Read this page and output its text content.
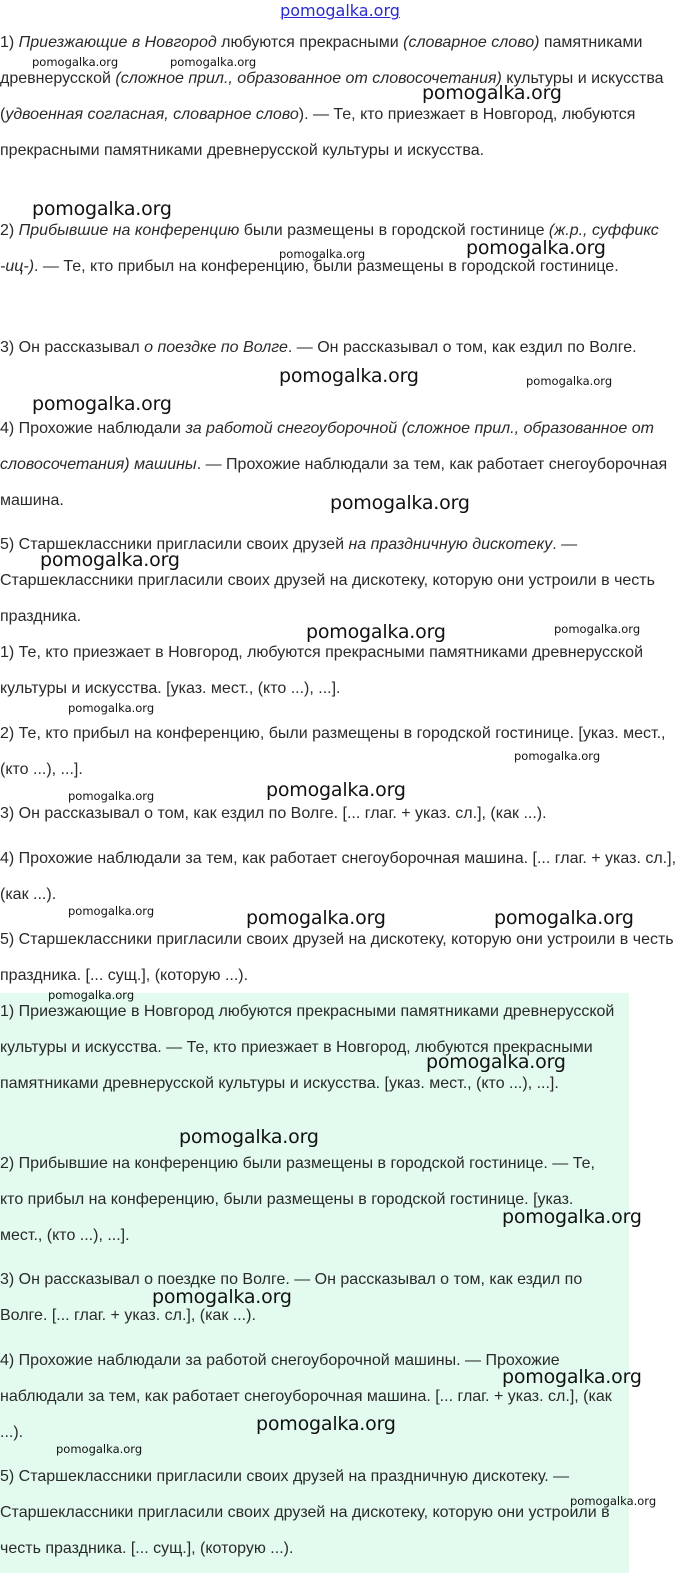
pomogalka.org

1) Приезжающие в Новгород любуются прекрасными (словарное слово) памятниками древнерусской (сложное прил., образованное от словосочетания) культуры и искусства (удвоенная согласная, словарное слово). — Те, кто приезжает в Новгород, любуются прекрасными памятниками древнерусской культуры и искусства.

2) Прибывшие на конференцию были размещены в городской гостинице (ж.р., суффикс -иц-). — Те, кто прибыл на конференцию, были размещены в городской гостинице.

3) Он рассказывал о поездке по Волге. — Он рассказывал о том, как ездил по Волге.

4) Прохожие наблюдали за работой снегоуборочной (сложное прил., образованное от словосочетания) машины. — Прохожие наблюдали за тем, как работает снегоуборочная машина.

5) Старшеклассники пригласили своих друзей на праздничную дискотеку. — Старшеклассники пригласили своих друзей на дискотеку, которую они устроили в честь праздника.

1) Те, кто приезжает в Новгород, любуются прекрасными памятниками древнерусской культуры и искусства. [указ. мест., (кто ...), ...].

2) Те, кто прибыл на конференцию, были размещены в городской гостинице. [указ. мест., (кто ...), ...].

3) Он рассказывал о том, как ездил по Волге. [... глаг. + указ. сл.], (как ...).

4) Прохожие наблюдали за тем, как работает снегоуборочная машина. [... глаг. + указ. сл.], (как ...).

5) Старшеклассники пригласили своих друзей на дискотеку, которую они устроили в честь праздника. [... сущ.], (которую ...).

1) Приезжающие в Новгород любуются прекрасными памятниками древнерусской культуры и искусства. — Те, кто приезжает в Новгород, любуются прекрасными памятниками древнерусской культуры и искусства. [указ. мест., (кто ...), ...].

2) Прибывшие на конференцию были размещены в городской гостинице. — Те, кто прибыл на конференцию, были размещены в городской гостинице. [указ. мест., (кто ...), ...].

3) Он рассказывал о поездке по Волге. — Он рассказывал о том, как ездил по Волге. [... глаг. + указ. сл.], (как ...).

4) Прохожие наблюдали за работой снегоуборочной машины. — Прохожие наблюдали за тем, как работает снегоуборочная машина. [... глаг. + указ. сл.], (как ...).

5) Старшеклассники пригласили своих друзей на праздничную дискотеку. — Старшеклассники пригласили своих друзей на дискотеку, которую они устроили в честь праздника. [... сущ.], (которую ...).

pomogalka.org	pomogalka.org
pomogalka.org
pomogalka.org
pomogalka.org
pomogalka.org
pomogalka.org	pomogalka.org
pomogalka.org
pomogalka.org
pomogalka.org
pomogalka.org	pomogalka.org
pomogalka.org
pomogalka.org
pomogalka.org
pomogalka.org
pomogalka.org	pomogalka.org	pomogalka.org
pomogalka.org
pomogalka.org
pomogalka.org
pomogalka.org
pomogalka.org
pomogalka.org
pomogalka.org
pomogalka.org
pomogalka.org
